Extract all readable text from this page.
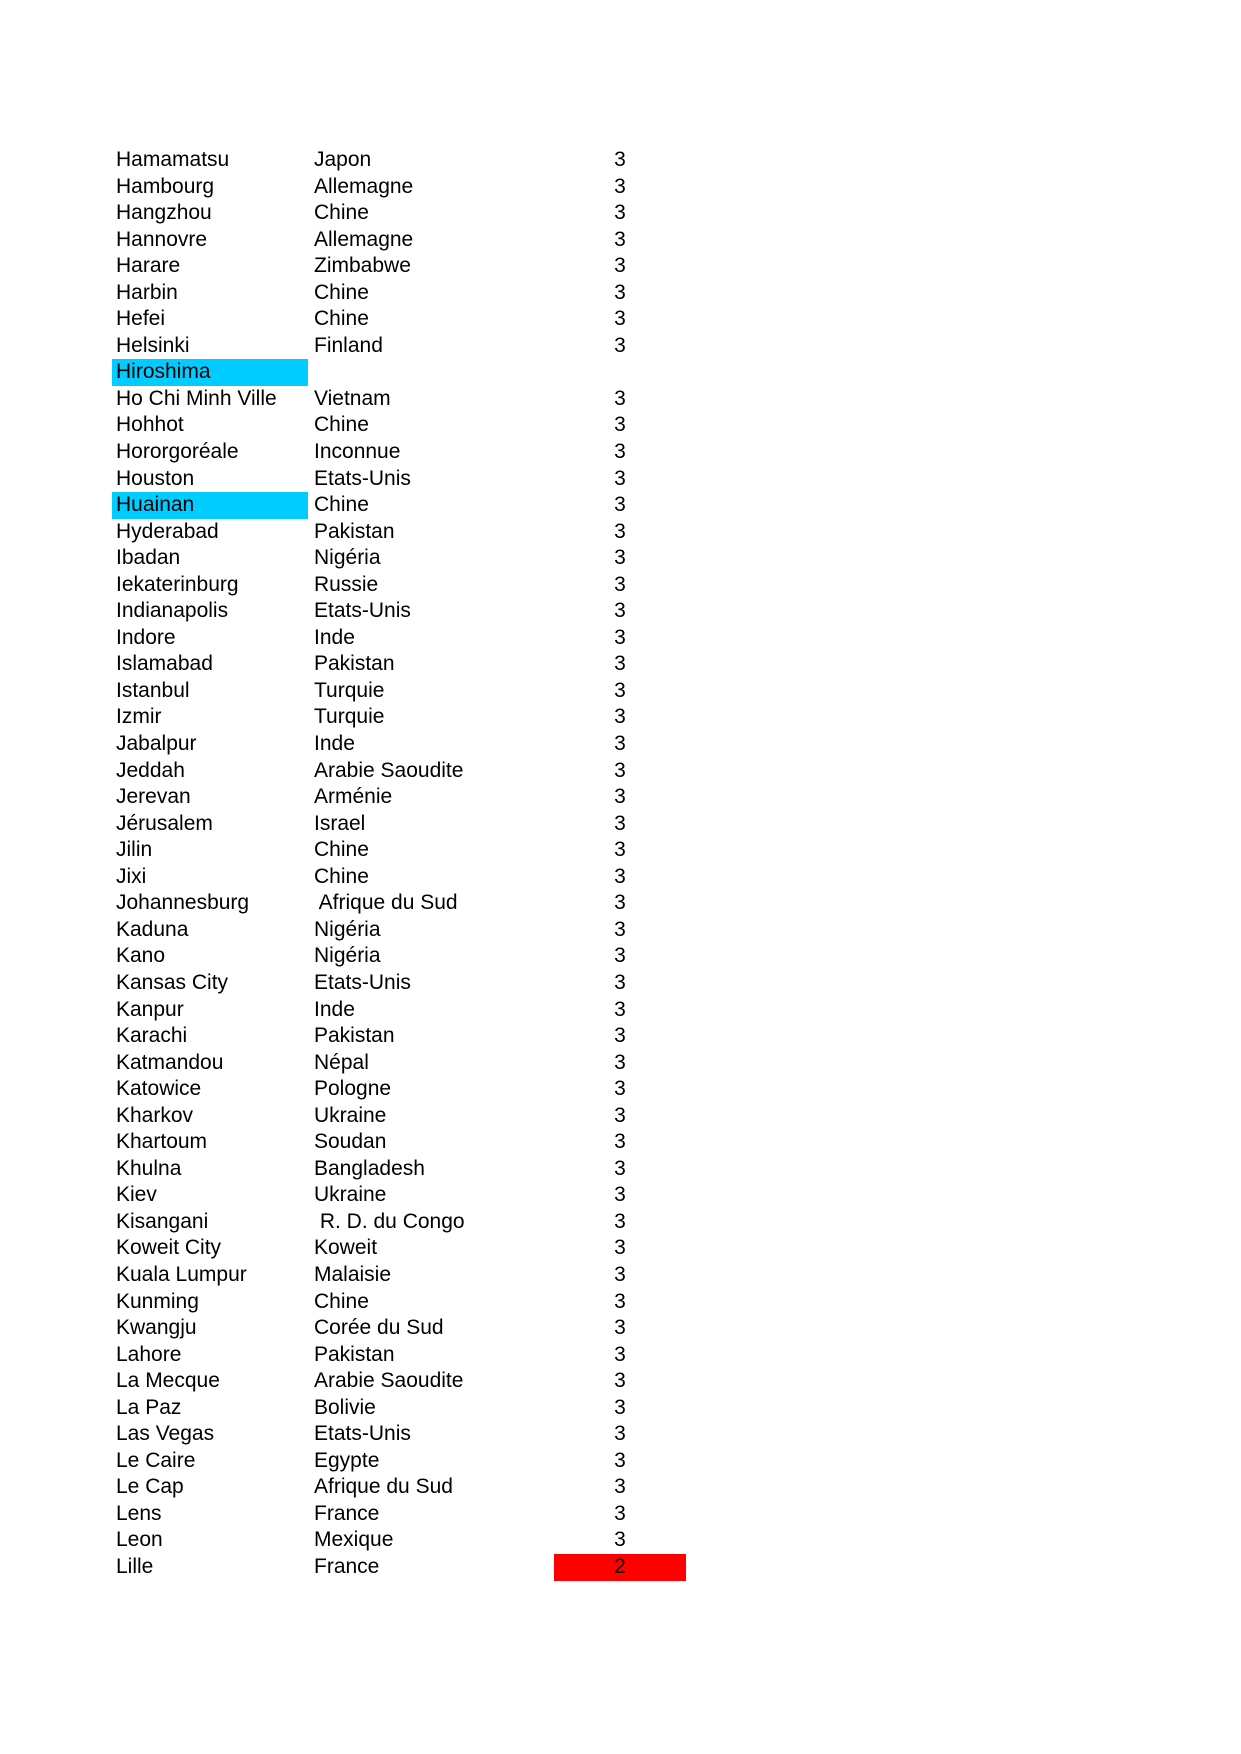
Hamamatsu	Japon	3
Hambourg	Allemagne	3
Hangzhou	Chine	3
Hannovre	Allemagne	3
Harare	Zimbabwe	3
Harbin	Chine	3
Hefei	Chine	3
Helsinki	Finland	3
Hiroshima
Ho Chi Minh Ville	Vietnam	3
Hohhot	Chine	3
Hororgoréale	Inconnue	3
Houston	Etats-Unis	3
Huainan	Chine	3
Hyderabad	Pakistan	3
Ibadan	Nigéria	3
Iekaterinburg	Russie	3
Indianapolis	Etats-Unis	3
Indore	Inde	3
Islamabad	Pakistan	3
Istanbul	Turquie	3
Izmir	Turquie	3
Jabalpur	Inde	3
Jeddah	Arabie Saoudite	3
Jerevan	Arménie	3
Jérusalem	Israel	3
Jilin	Chine	3
Jixi	Chine	3
Johannesburg	Afrique du Sud	3
Kaduna	Nigéria	3
Kano	Nigéria	3
Kansas City	Etats-Unis	3
Kanpur	Inde	3
Karachi	Pakistan	3
Katmandou	Népal	3
Katowice	Pologne	3
Kharkov	Ukraine	3
Khartoum	Soudan	3
Khulna	Bangladesh	3
Kiev	Ukraine	3
Kisangani	R. D. du Congo	3
Koweit City	Koweit	3
Kuala Lumpur	Malaisie	3
Kunming	Chine	3
Kwangju	Corée du Sud	3
Lahore	Pakistan	3
La Mecque	Arabie Saoudite	3
La Paz	Bolivie	3
Las Vegas	Etats-Unis	3
Le Caire	Egypte	3
Le Cap	Afrique du Sud	3
Lens	France	3
Leon	Mexique	3
Lille	France	2
